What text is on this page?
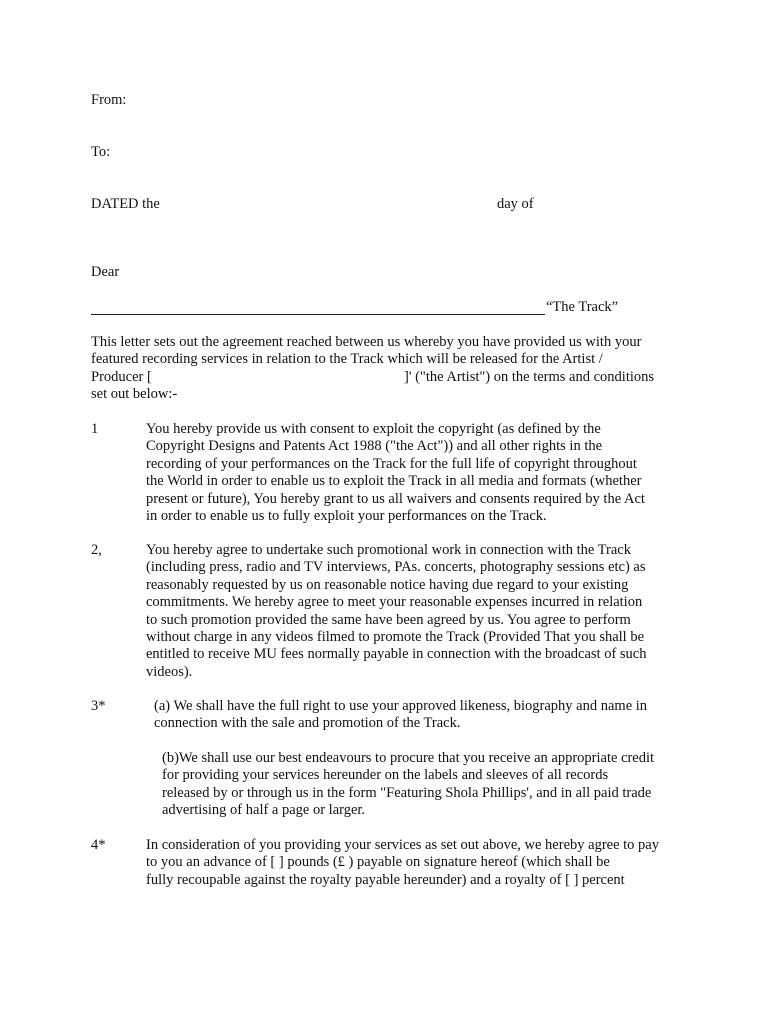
From:
To:
DATED the	day of
Dear
“The Track”
This letter sets out the agreement reached between us whereby you have provided us with your
featured recording services in relation to the Track which will be released for the Artist /
Producer [	]' ("the Artist") on the terms and conditions
set out below:-
1	You hereby provide us with consent to exploit the copyright (as defined by the
Copyright Designs and Patents Act 1988 ("the Act")) and all other rights in the
recording of your performances on the Track for the full life of copyright throughout
the World in order to enable us to exploit the Track in all media and formats (whether
present or future), You hereby grant to us all waivers and consents required by the Act
in order to enable us to fully exploit your performances on the Track.
2,	You hereby agree to undertake such promotional work in connection with the Track
(including press, radio and TV interviews, PAs. concerts, photography sessions etc) as
reasonably requested by us on reasonable notice having due regard to your existing
commitments. We hereby agree to meet your reasonable expenses incurred in relation
to such promotion provided the same have been agreed by us. You agree to perform
without charge in any videos filmed to promote the Track (Provided That you shall be
entitled to receive MU fees normally payable in connection with the broadcast of such
videos).
3*	(a) We shall have the full right to use your approved likeness, biography and name in
connection with the sale and promotion of the Track.
(b)We shall use our best endeavours to procure that you receive an appropriate credit
for providing your services hereunder on the labels and sleeves of all records
released by or through us in the form "Featuring Shola Phillips', and in all paid trade
advertising of half a page or larger.
4*	In consideration of you providing your services as set out above, we hereby agree to pay
to you an advance of [ ] pounds (£ ) payable on signature hereof (which shall be
fully recoupable against the royalty payable hereunder) and a royalty of [ ] percent
